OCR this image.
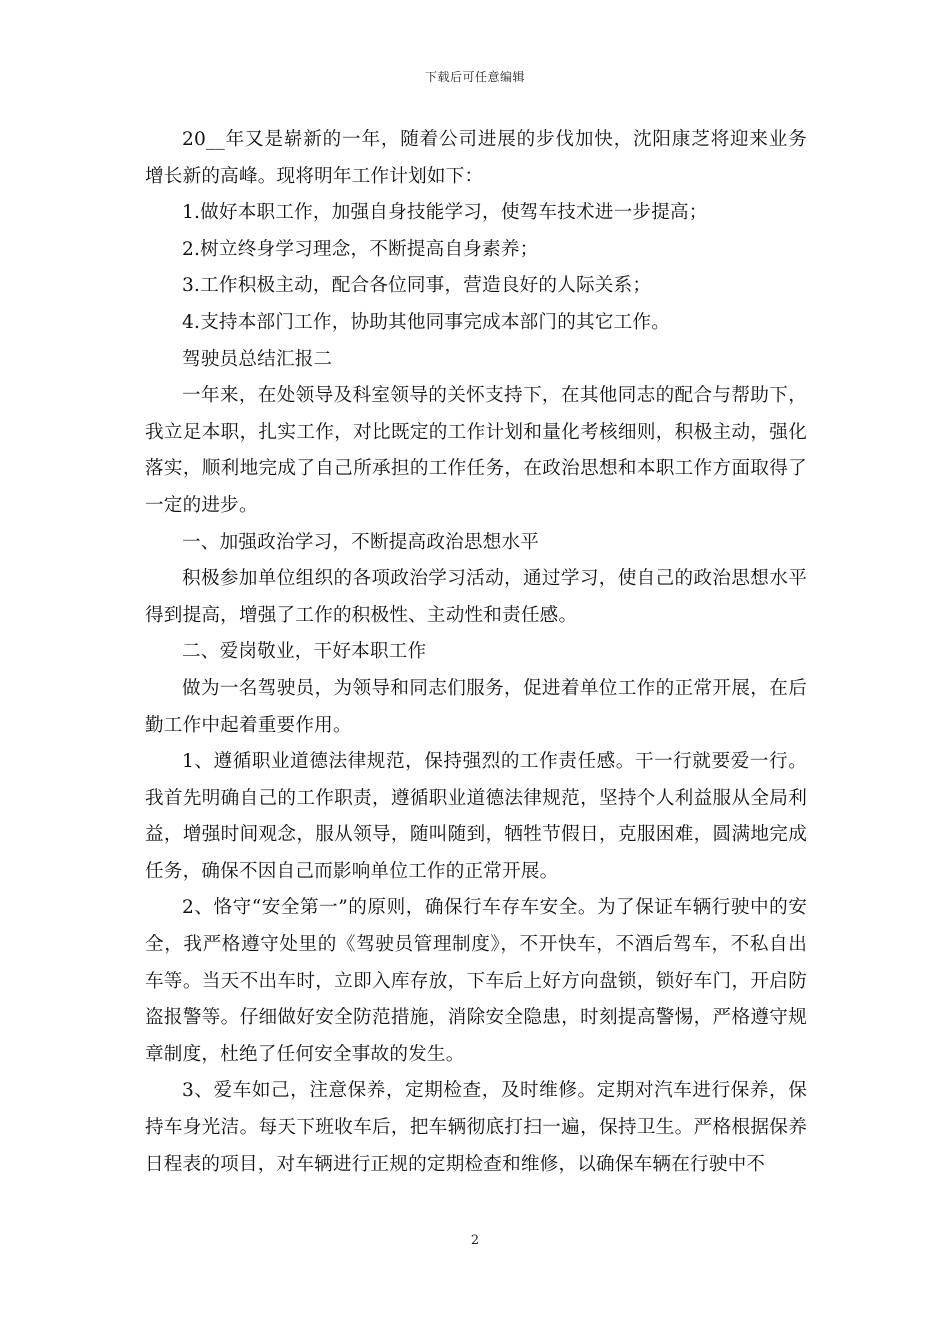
下载后可任意编辑

20__年又是崭新的一年，随着公司进展的步伐加快，沈阳康芝将迎来业务增长新的高峰。现将明年工作计划如下：

1.做好本职工作，加强自身技能学习，使驾车技术进一步提高；

2.树立终身学习理念，不断提高自身素养；

3.工作积极主动，配合各位同事，营造良好的人际关系；

4.支持本部门工作，协助其他同事完成本部门的其它工作。

驾驶员总结汇报二

一年来，在处领导及科室领导的关怀支持下，在其他同志的配合与帮助下，我立足本职，扎实工作，对比既定的工作计划和量化考核细则，积极主动，强化落实，顺利地完成了自己所承担的工作任务，在政治思想和本职工作方面取得了一定的进步。

一、加强政治学习，不断提高政治思想水平

积极参加单位组织的各项政治学习活动，通过学习，使自己的政治思想水平得到提高，增强了工作的积极性、主动性和责任感。

二、爱岗敬业，干好本职工作

做为一名驾驶员，为领导和同志们服务，促进着单位工作的正常开展，在后勤工作中起着重要作用。

1、遵循职业道德法律规范，保持强烈的工作责任感。干一行就要爱一行。我首先明确自己的工作职责，遵循职业道德法律规范，坚持个人利益服从全局利益，增强时间观念，服从领导，随叫随到，牺牲节假日，克服困难，圆满地完成任务，确保不因自己而影响单位工作的正常开展。

2、恪守“安全第一”的原则，确保行车存车安全。为了保证车辆行驶中的安全，我严格遵守处里的《驾驶员管理制度》，不开快车，不酒后驾车，不私自出车等。当天不出车时，立即入库存放，下车后上好方向盘锁，锁好车门，开启防盗报警等。仔细做好安全防范措施，消除安全隐患，时刻提高警惕，严格遵守规章制度，杜绝了任何安全事故的发生。

3、爱车如己，注意保养，定期检查，及时维修。定期对汽车进行保养，保持车身光洁。每天下班收车后，把车辆彻底打扫一遍，保持卫生。严格根据保养日程表的项目，对车辆进行正规的定期检查和维修，以确保车辆在行驶中不

2
